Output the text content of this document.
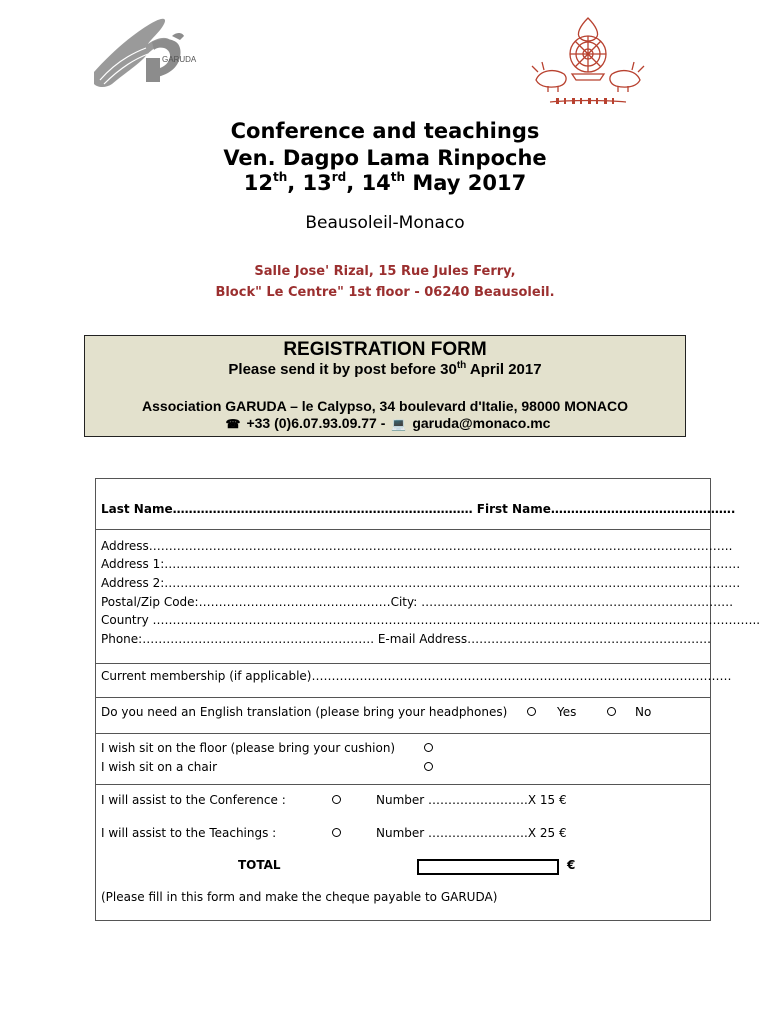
GARUDA
Conference and teachings
Ven. Dagpo Lama Rinpoche
12th, 13rd, 14th May 2017
Beausoleil-Monaco
Salle Jose' Rizal, 15 Rue Jules Ferry,
Block" Le Centre" 1st floor - 06240 Beausoleil.
REGISTRATION FORM
Please send it by post before 30th April 2017
Association GARUDA – le Calypso, 34 boulevard d'Italie, 98000 MONACO
☎ +33 (0)6.07.93.09.77 - 💻 garuda@monaco.mc
Last Name………………………………………………………………… First Name……………………………………….
Address………………………………………………………………………………………………………………………………..
Address 1:………………………………………………………………………………………………………………………………
Address 2:………………………………………………………………………………………………………………………………
Postal/Zip Code:…………………………………………City: ……………………………………………………………………
Country ……………………………………………………………………………………………………………………………………..
Phone:…………………………………………………. E-mail Address…………………………………………………….
Current membership (if applicable)……………………………………………………………………………………………
Do you need an English translation (please bring your headphones)	Yes	No
I wish sit on the floor (please bring your cushion)
I wish sit on a chair
I will assist to the Conference :	Number …………………….X 15 €
I will assist to the Teachings :	Number …………………….X 25 €
TOTAL	€
(Please fill in this form and make the cheque payable to GARUDA)
